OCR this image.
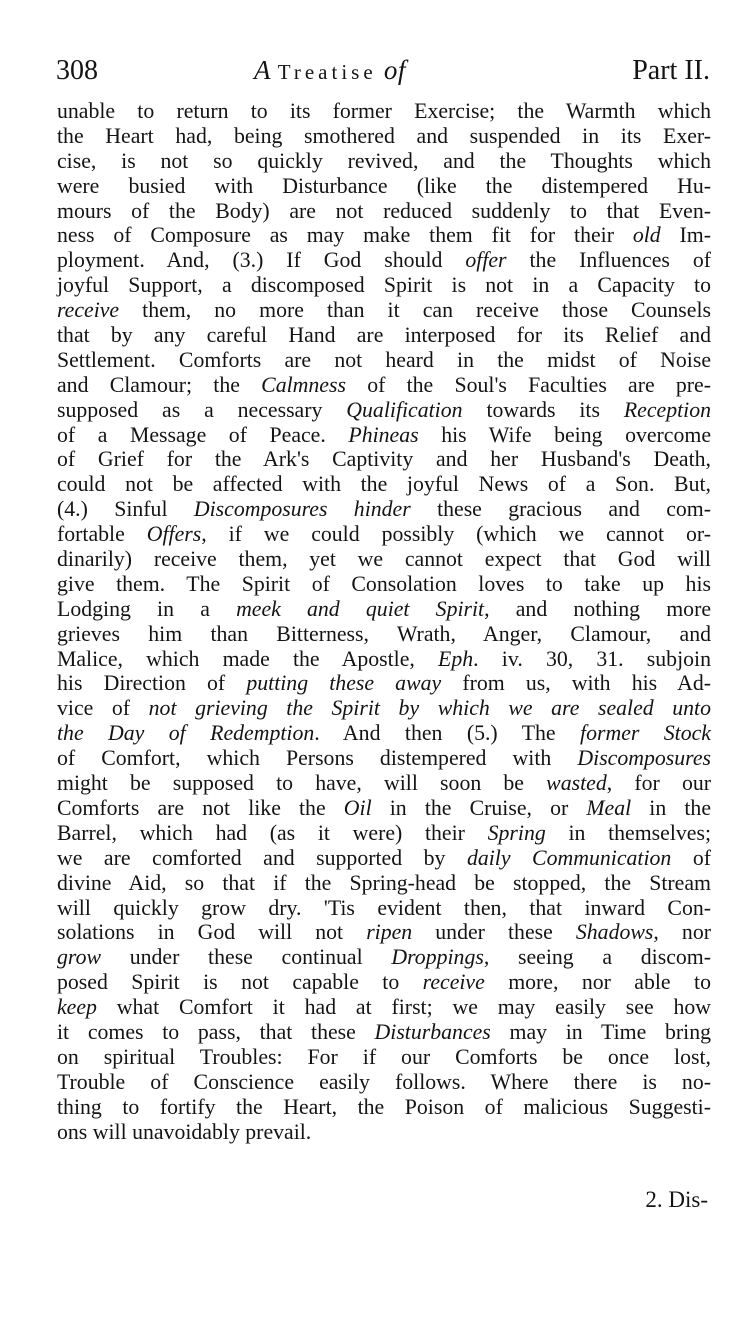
308	A Treatise of	Part II.
unable to return to its former Exercise; the Warmth which
the Heart had, being smothered and suspended in its Exer-
cise, is not so quickly revived, and the Thoughts which
were busied with Disturbance (like the distempered Hu-
mours of the Body) are not reduced suddenly to that Even-
ness of Composure as may make them fit for their old Im-
ployment. And, (3.) If God should offer the Influences of
joyful Support, a discomposed Spirit is not in a Capacity to
receive them, no more than it can receive those Counsels
that by any careful Hand are interposed for its Relief and
Settlement. Comforts are not heard in the midst of Noise
and Clamour; the Calmness of the Soul's Faculties are pre-
supposed as a necessary Qualification towards its Reception
of a Message of Peace. Phineas his Wife being overcome
of Grief for the Ark's Captivity and her Husband's Death,
could not be affected with the joyful News of a Son. But,
(4.) Sinful Discomposures hinder these gracious and com-
fortable Offers, if we could possibly (which we cannot or-
dinarily) receive them, yet we cannot expect that God will
give them. The Spirit of Consolation loves to take up his
Lodging in a meek and quiet Spirit, and nothing more
grieves him than Bitterness, Wrath, Anger, Clamour, and
Malice, which made the Apostle, Eph. iv. 30, 31. subjoin
his Direction of putting these away from us, with his Ad-
vice of not grieving the Spirit by which we are sealed unto
the Day of Redemption. And then (5.) The former Stock
of Comfort, which Persons distempered with Discomposures
might be supposed to have, will soon be wasted, for our
Comforts are not like the Oil in the Cruise, or Meal in the
Barrel, which had (as it were) their Spring in themselves;
we are comforted and supported by daily Communication of
divine Aid, so that if the Spring-head be stopped, the Stream
will quickly grow dry. 'Tis evident then, that inward Con-
solations in God will not ripen under these Shadows, nor
grow under these continual Droppings, seeing a discom-
posed Spirit is not capable to receive more, nor able to
keep what Comfort it had at first; we may easily see how
it comes to pass, that these Disturbances may in Time bring
on spiritual Troubles: For if our Comforts be once lost,
Trouble of Conscience easily follows. Where there is no-
thing to fortify the Heart, the Poison of malicious Suggesti-
ons will unavoidably prevail.
2. Dis-
